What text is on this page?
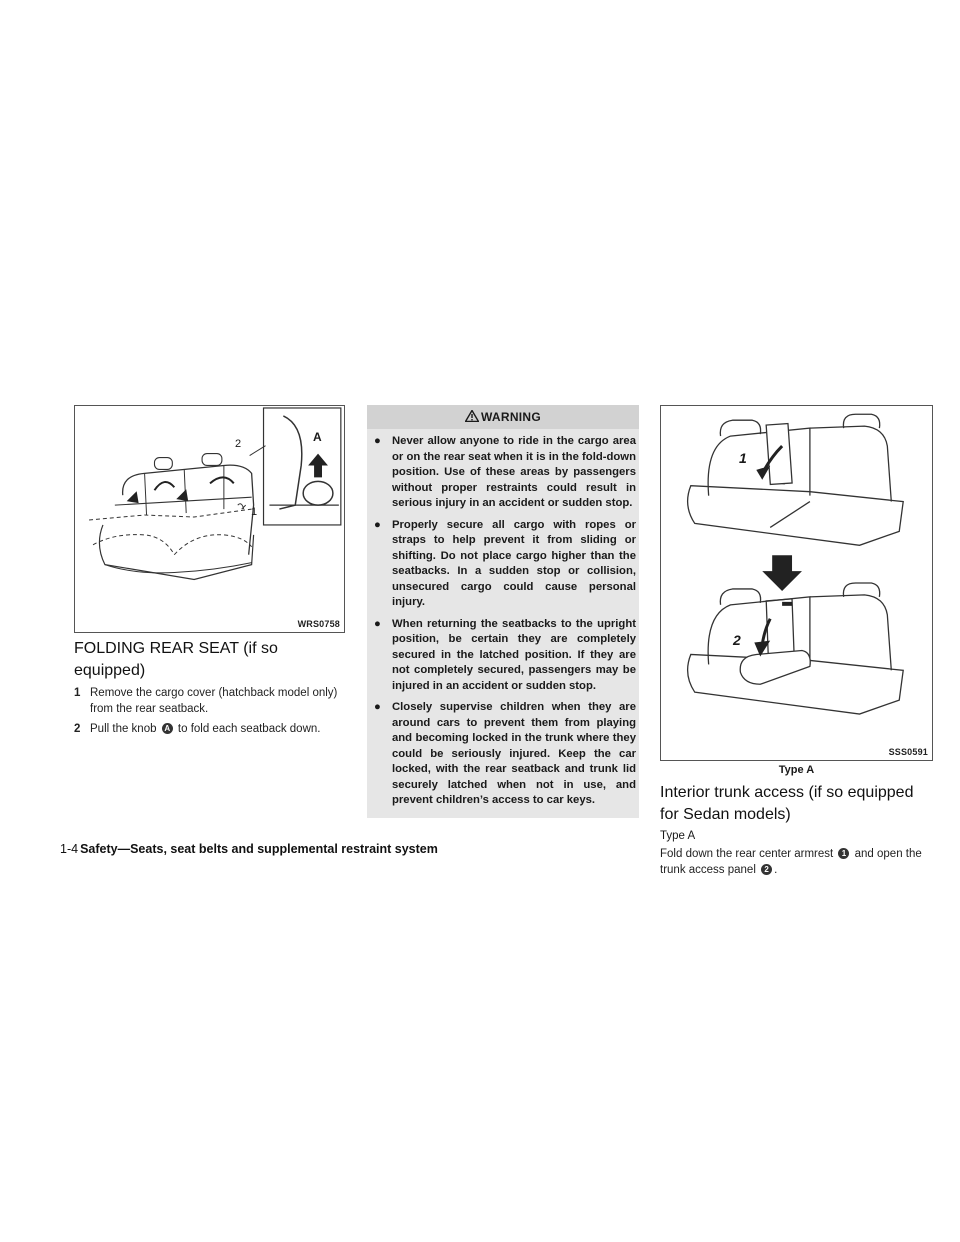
2
1
A
WRS0758
FOLDING REAR SEAT (if so
equipped)
1 Remove the cargo cover (hatchback model only) from the rear seatback.
2 Pull the knob A to fold each seatback down.
WARNING
● Never allow anyone to ride in the cargo area or on the rear seat when it is in the fold-down position. Use of these areas by passengers without proper restraints could result in serious injury in an accident or sudden stop.
● Properly secure all cargo with ropes or straps to help prevent it from sliding or shifting. Do not place cargo higher than the seatbacks. In a sudden stop or collision, unsecured cargo could cause personal injury.
● When returning the seatbacks to the upright position, be certain they are completely secured in the latched position. If they are not completely secured, passengers may be injured in an accident or sudden stop.
● Closely supervise children when they are around cars to prevent them from playing and becoming locked in the trunk where they could be seriously injured. Keep the car locked, with the rear seatback and trunk lid securely latched when not in use, and prevent children’s access to car keys.
1
2
SSS0591
Type A
Interior trunk access (if so equipped
for Sedan models)
Type A
Fold down the rear center armrest 1 and open the trunk access panel 2 .
1-4 Safety—Seats, seat belts and supplemental restraint system
